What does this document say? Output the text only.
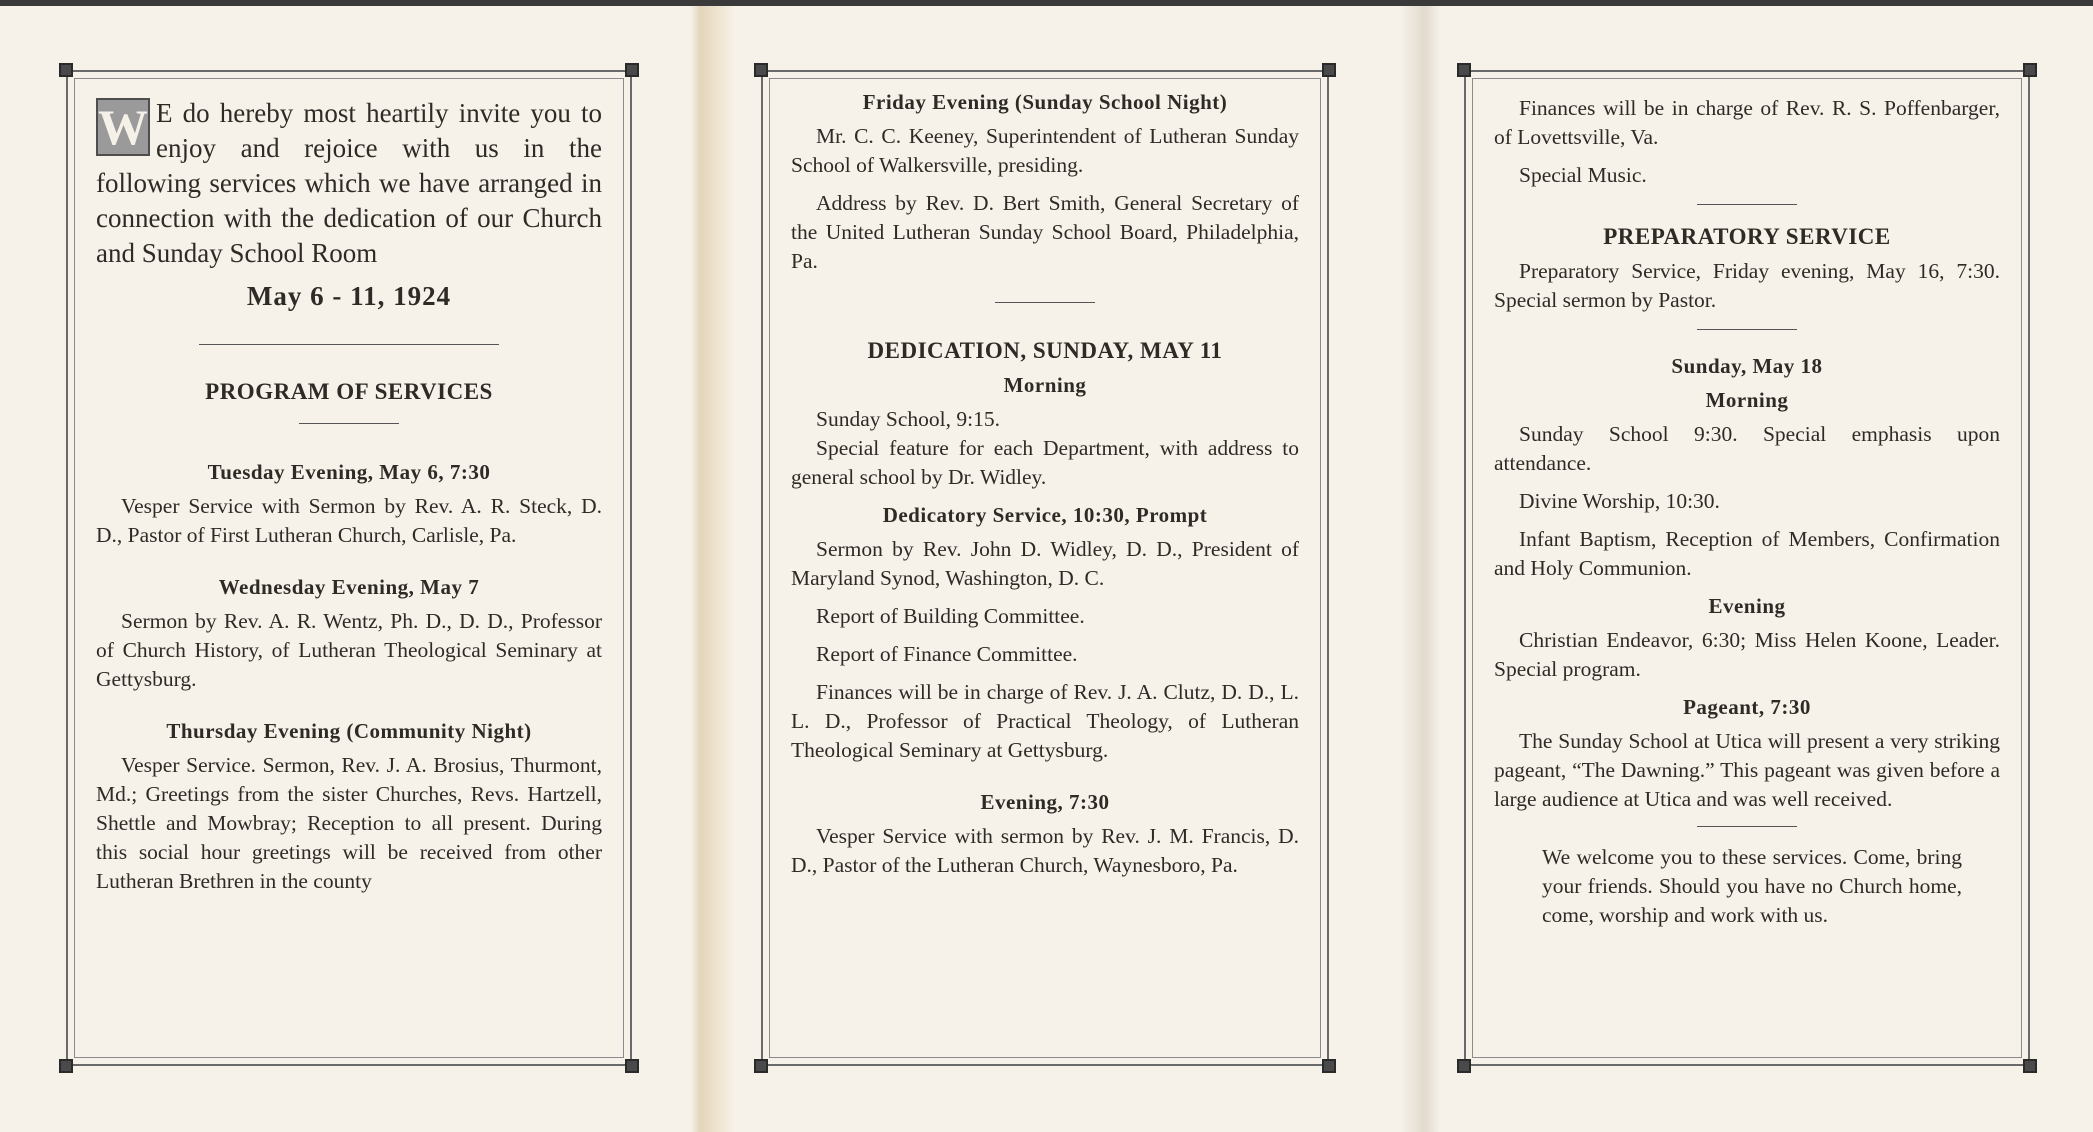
W E do hereby most heartily invite you to enjoy and rejoice with us in the following services which we have arranged in connection with the dedication of our Church and Sunday School Room
May 6 - 11, 1924
PROGRAM OF SERVICES
Tuesday Evening, May 6, 7:30

Vesper Service with Sermon by Rev. A. R. Steck, D. D., Pastor of First Lutheran Church, Carlisle, Pa.

Wednesday Evening, May 7

Sermon by Rev. A. R. Wentz, Ph. D., D. D., Professor of Church History, of Lutheran Theological Seminary at Gettysburg.

Thursday Evening (Community Night)

Vesper Service. Sermon, Rev. J. A. Brosius, Thurmont, Md.; Greetings from the sister Churches, Revs. Hartzell, Shettle and Mowbray; Reception to all present. During this social hour greetings will be received from other Lutheran Brethren in the county

Friday Evening (Sunday School Night)

Mr. C. C. Keeney, Superintendent of Lutheran Sunday School of Walkersville, presiding.

Address by Rev. D. Bert Smith, General Secretary of the United Lutheran Sunday School Board, Philadelphia, Pa.

DEDICATION, SUNDAY, MAY 11
Morning

Sunday School, 9:15.

Special feature for each Department, with address to general school by Dr. Widley.

Dedicatory Service, 10:30, Prompt

Sermon by Rev. John D. Widley, D. D., President of Maryland Synod, Washington, D. C.

Report of Building Committee.

Report of Finance Committee.

Finances will be in charge of Rev. J. A. Clutz, D. D., L. L. D., Professor of Practical Theology, of Lutheran Theological Seminary at Gettysburg.

Evening, 7:30

Vesper Service with sermon by Rev. J. M. Francis, D. D., Pastor of the Lutheran Church, Waynesboro, Pa.

Finances will be in charge of Rev. R. S. Poffenbarger, of Lovettsville, Va.

Special Music.

PREPARATORY SERVICE

Preparatory Service, Friday evening, May 16, 7:30. Special sermon by Pastor.

Sunday, May 18
Morning

Sunday School 9:30. Special emphasis upon attendance.

Divine Worship, 10:30.

Infant Baptism, Reception of Members, Confirmation and Holy Communion.

Evening

Christian Endeavor, 6:30; Miss Helen Koone, Leader. Special program.

Pageant, 7:30

The Sunday School at Utica will present a very striking pageant, “The Dawning.” This pageant was given before a large audience at Utica and was well received.

We welcome you to these services. Come, bring your friends. Should you have no Church home, come, worship and work with us.
